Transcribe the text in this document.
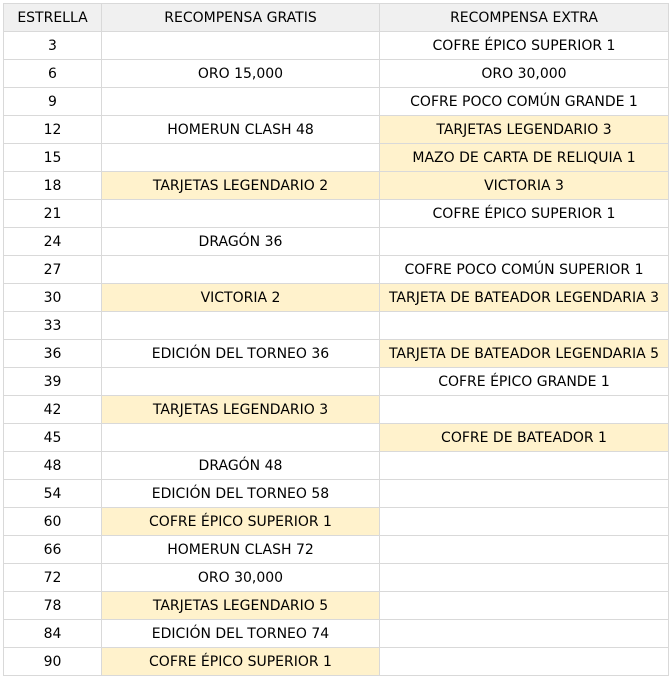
ESTRELLA	RECOMPENSA GRATIS	RECOMPENSA EXTRA
3		COFRE ÉPICO SUPERIOR 1
6	ORO 15,000	ORO 30,000
9		COFRE POCO COMÚN GRANDE 1
12	HOMERUN CLASH 48	TARJETAS LEGENDARIO 3
15		MAZO DE CARTA DE RELIQUIA 1
18	TARJETAS LEGENDARIO 2	VICTORIA 3
21		COFRE ÉPICO SUPERIOR 1
24	DRAGÓN 36	
27		COFRE POCO COMÚN SUPERIOR 1
30	VICTORIA 2	TARJETA DE BATEADOR LEGENDARIA 3
33		
36	EDICIÓN DEL TORNEO 36	TARJETA DE BATEADOR LEGENDARIA 5
39		COFRE ÉPICO GRANDE 1
42	TARJETAS LEGENDARIO 3	
45		COFRE DE BATEADOR 1
48	DRAGÓN 48	
54	EDICIÓN DEL TORNEO 58	
60	COFRE ÉPICO SUPERIOR 1	
66	HOMERUN CLASH 72	
72	ORO 30,000	
78	TARJETAS LEGENDARIO 5	
84	EDICIÓN DEL TORNEO 74	
90	COFRE ÉPICO SUPERIOR 1	
